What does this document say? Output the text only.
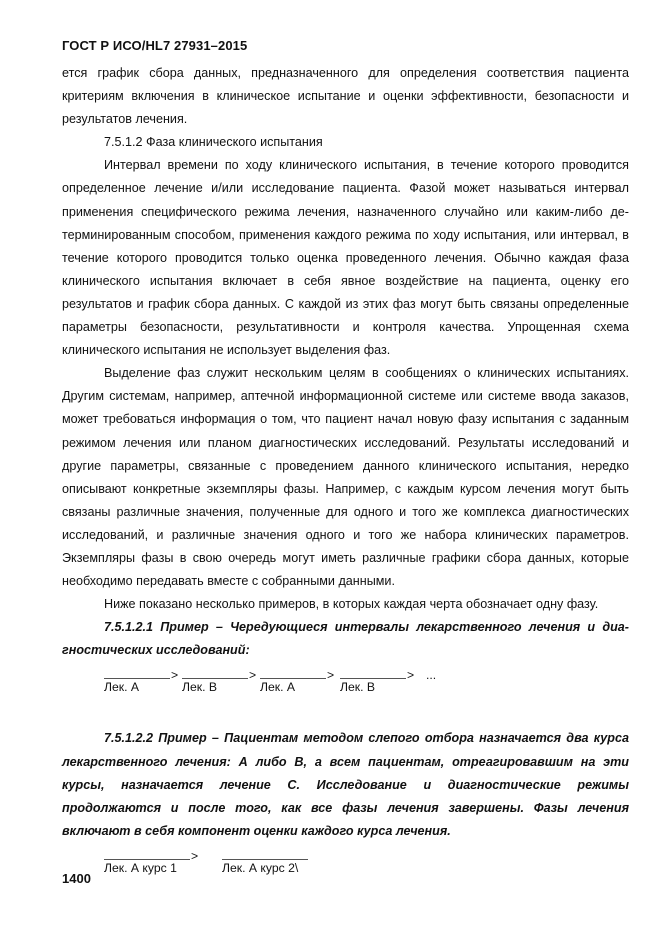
ГОСТ Р ИСО/HL7 27931–2015

ется график сбора данных, предназначенного для определения соответствия пациента критериям включения в клиническое испытание и оценки эффективности, безопасности и результатов лечения.

7.5.1.2 Фаза клинического испытания

Интервал времени по ходу клинического испытания, в течение которого проводится определенное лечение и/или исследование пациента. Фазой может называться интервал применения специфического режима лечения, назначенного случайно или каким-либо детерминированным способом, применения каждого режима по ходу испытания, или интервал, в течение которого проводится только оценка проведенного лечения. Обычно каждая фаза клинического испытания включает в себя явное воздействие на пациента, оценку его результатов и график сбора данных. С каждой из этих фаз могут быть связаны определенные параметры безопасности, результативности и контроля качества. Упрощенная схема клинического испытания не использует выделения фаз.

Выделение фаз служит нескольким целям в сообщениях о клинических испытаниях. Другим системам, например, аптечной информационной системе или системе ввода заказов, может требоваться информация о том, что пациент начал новую фазу испытания с заданным режимом лечения или планом диагностических исследований. Результаты исследований и другие параметры, связанные с проведением данного клинического испытания, нередко описывают конкретные экземпляры фазы. Например, с каждым курсом лечения могут быть связаны различные значения, полученные для одного и того же комплекса диагностических исследований, и различные значения одного и того же набора клинических параметров. Экземпляры фазы в свою очередь могут иметь различные графики сбора данных, которые необходимо передавать вместе с собранными данными.

Ниже показано несколько примеров, в которых каждая черта обозначает одну фазу.

7.5.1.2.1 Пример – Чередующиеся интервалы лекарственного лечения и диагностических исследований:

>	>	>	> ...
Лек. А	Лек. В	Лек. А	Лек. В

7.5.1.2.2 Пример – Пациентам методом слепого отбора назначается два курса лекарственного лечения: А либо В, а всем пациентам, отреагировавшим на эти курсы, назначается лечение С. Исследование и диагностические режимы продолжаются и после того, как все фазы лечения завершены. Фазы лечения включают в себя компонент оценки каждого курса лечения.

>
Лек. А курс 1	Лек. А курс 2\
1400
